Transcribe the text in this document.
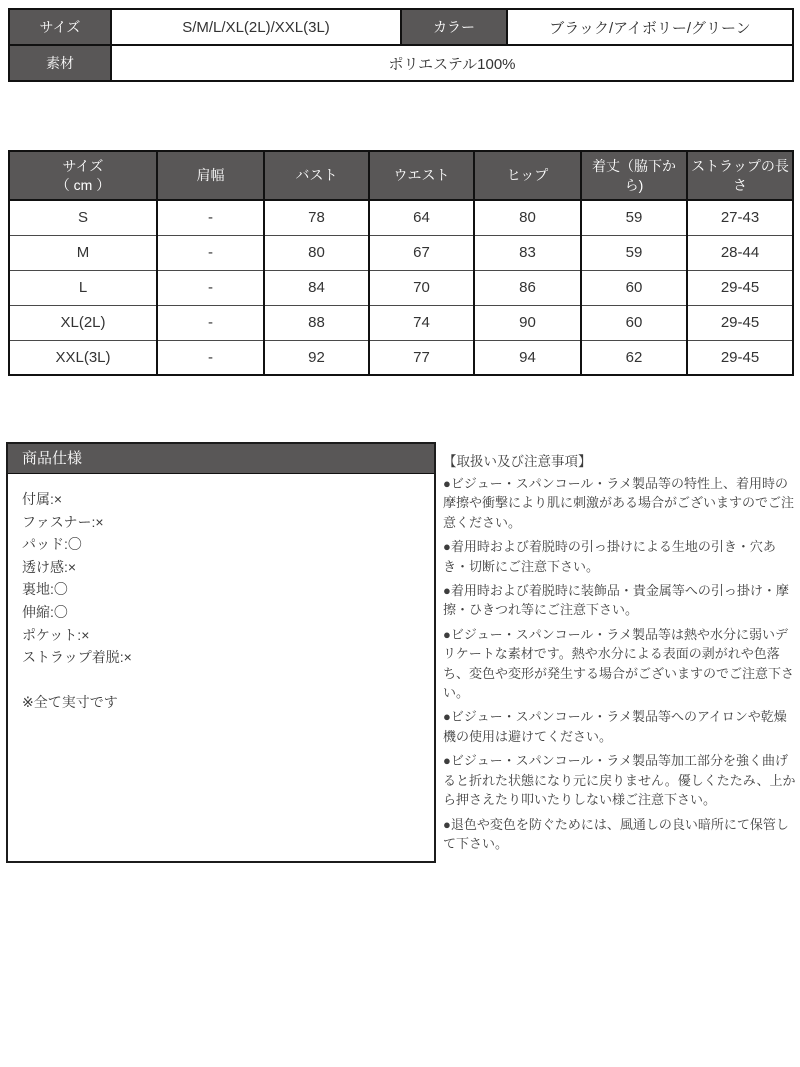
サイズ	S/M/L/XL(2L)/XXL(3L)	カラー	ブラック/アイボリー/グリーン
素材	ポリエステル100%		
サイズ
（ cm ）	肩幅	バスト	ウエスト	ヒップ	着丈（脇下から)	ストラップの長さ
S	-	78	64	80	59	27-43
M	-	80	67	83	59	28-44
L	-	84	70	86	60	29-45
XL(2L)	-	88	74	90	60	29-45
XXL(3L)	-	92	77	94	62	29-45
商品仕様
付属:×
ファスナー:×
パッド:〇
透け感:×
裏地:〇
伸縮:〇
ポケット:×
ストラップ着脱:×
※全て実寸です
【取扱い及び注意事項】
●ビジュー・スパンコール・ラメ製品等の特性上、着用時の摩擦や衝撃により肌に刺激がある場合がございますのでご注意ください。
●着用時および着脱時の引っ掛けによる生地の引き・穴あき・切断にご注意下さい。
●着用時および着脱時に装飾品・貴金属等への引っ掛け・摩擦・ひきつれ等にご注意下さい。
●ビジュー・スパンコール・ラメ製品等は熱や水分に弱いデリケートな素材です。熱や水分による表面の剥がれや色落ち、変色や変形が発生する場合がございますのでご注意下さい。
●ビジュー・スパンコール・ラメ製品等へのアイロンや乾燥機の使用は避けてください。
●ビジュー・スパンコール・ラメ製品等加工部分を強く曲げると折れた状態になり元に戻りません。優しくたたみ、上から押さえたり叩いたりしない様ご注意下さい。
●退色や変色を防ぐためには、風通しの良い暗所にて保管して下さい。
